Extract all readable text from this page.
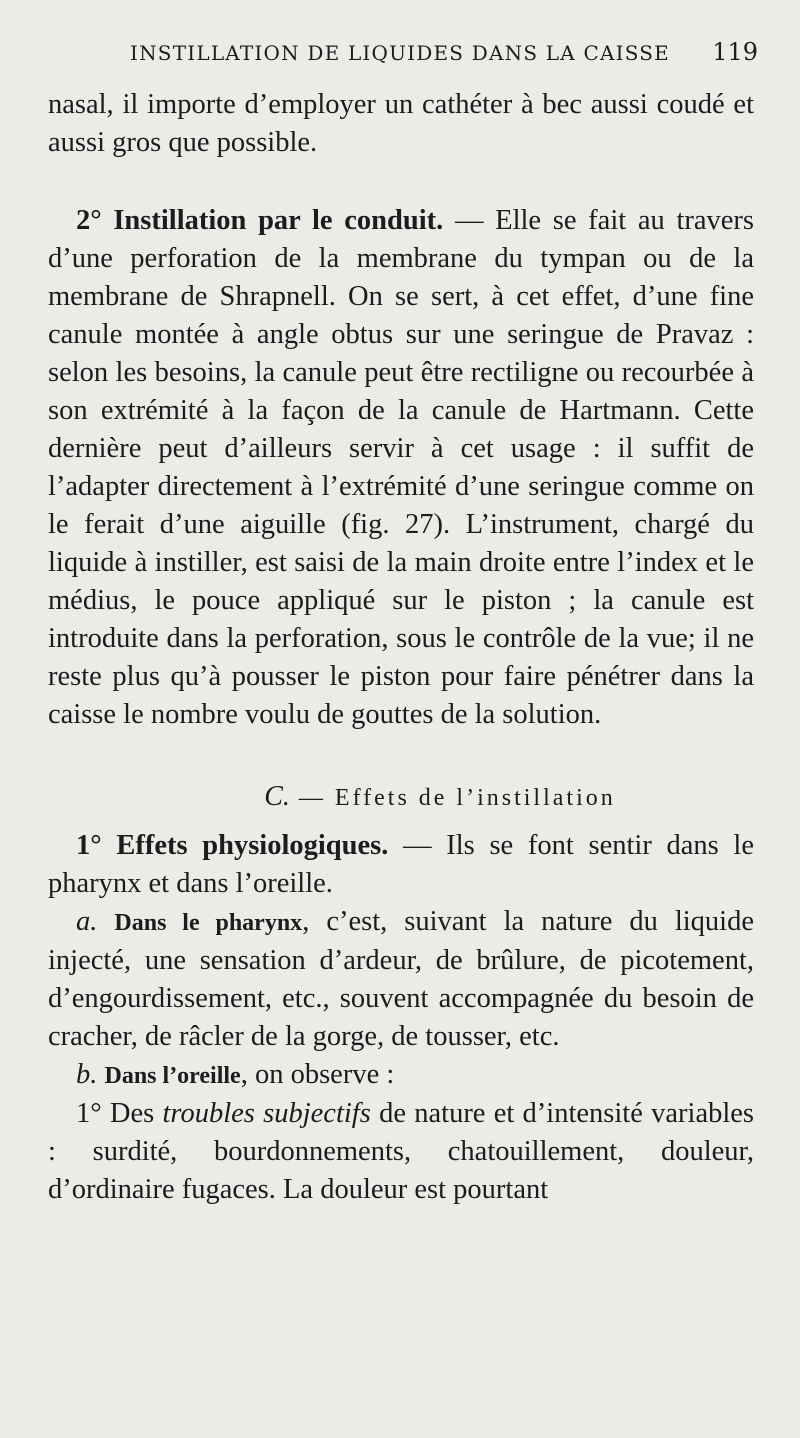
INSTILLATION DE LIQUIDES DANS LA CAISSE 119

nasal, il importe d’employer un cathéter à bec aussi coudé et aussi gros que possible.

2° Instillation par le conduit. — Elle se fait au travers d’une perforation de la membrane du tympan ou de la membrane de Shrapnell. On se sert, à cet effet, d’une fine canule montée à angle obtus sur une seringue de Pravaz : selon les besoins, la canule peut être rectiligne ou recourbée à son extrémité à la façon de la canule de Hartmann. Cette dernière peut d’ailleurs servir à cet usage : il suffit de l’adapter directement à l’extrémité d’une seringue comme on le ferait d’une aiguille (fig. 27). L’instrument, chargé du liquide à instiller, est saisi de la main droite entre l’index et le médius, le pouce appliqué sur le piston ; la canule est introduite dans la perforation, sous le contrôle de la vue; il ne reste plus qu’à pousser le piston pour faire pénétrer dans la caisse le nombre voulu de gouttes de la solution.

C. — Effets de l’instillation

1° Effets physiologiques. — Ils se font sentir dans le pharynx et dans l’oreille.

a. Dans le pharynx, c’est, suivant la nature du liquide injecté, une sensation d’ardeur, de brûlure, de picotement, d’engourdissement, etc., souvent accompagnée du besoin de cracher, de râcler de la gorge, de tousser, etc.

b. Dans l’oreille, on observe :

1° Des troubles subjectifs de nature et d’intensité variables : surdité, bourdonnements, chatouillement, douleur, d’ordinaire fugaces. La douleur est pourtant
